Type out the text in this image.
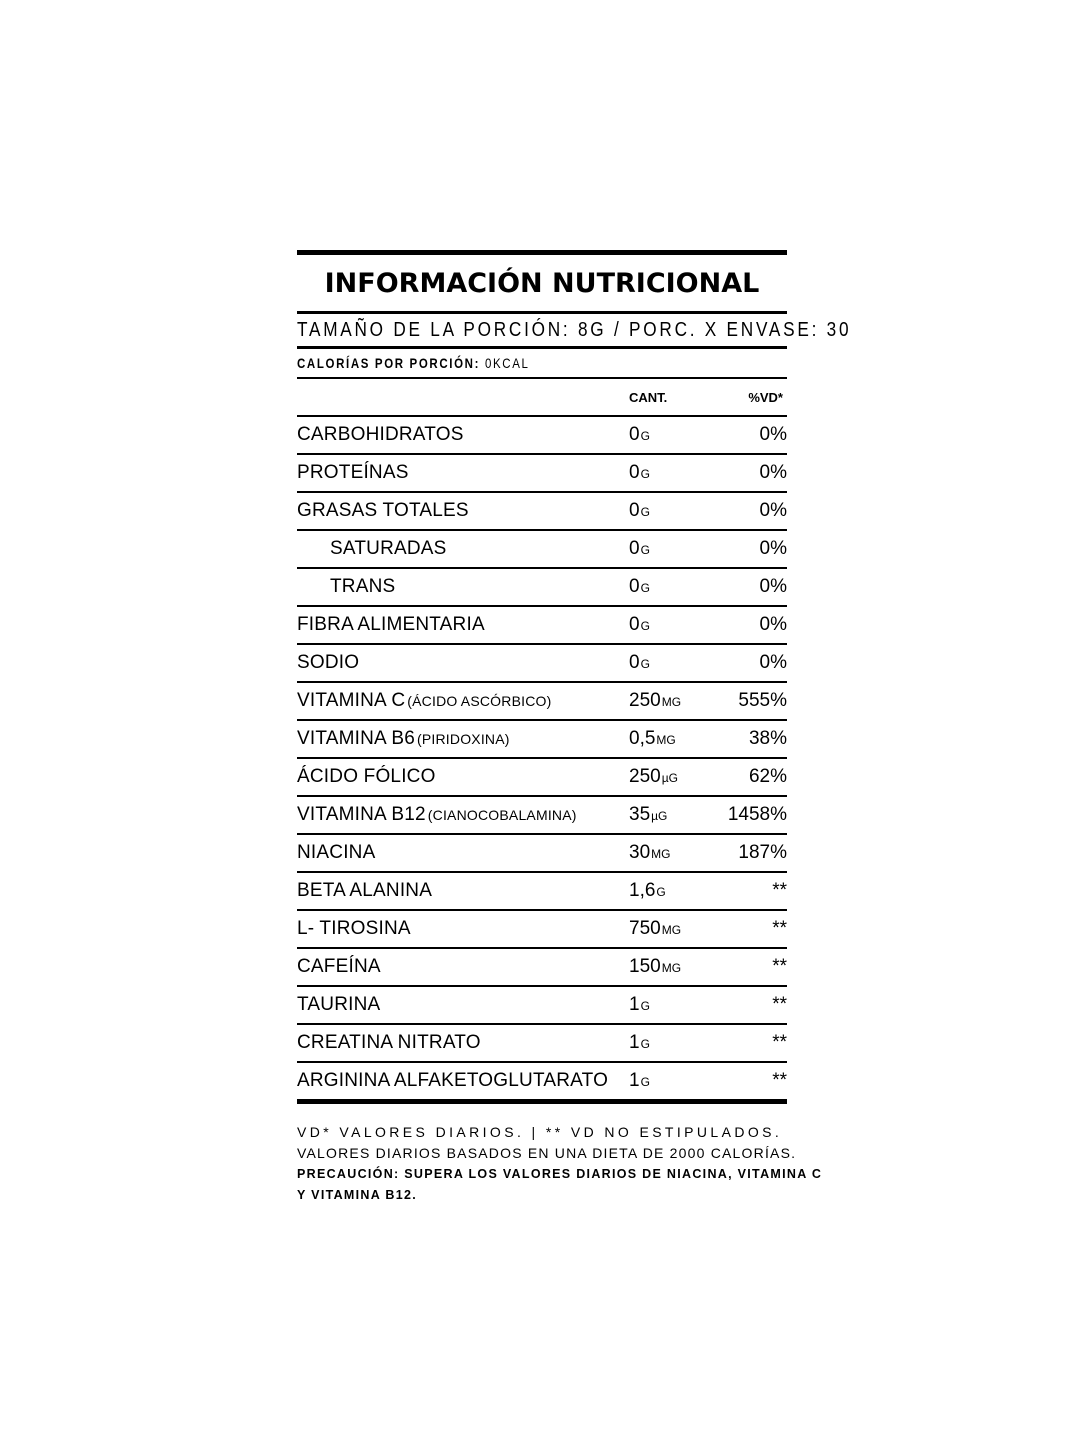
INFORMACIÓN NUTRICIONAL
TAMAÑO DE LA PORCIÓN: 8G / PORC. X ENVASE: 30
CALORÍAS POR PORCIÓN: 0KCAL
CANT.	%VD*
CARBOHIDRATOS	0G	0%
PROTEÍNAS	0G	0%
GRASAS TOTALES	0G	0%
SATURADAS	0G	0%
TRANS	0G	0%
FIBRA ALIMENTARIA	0G	0%
SODIO	0G	0%
VITAMINA C (ÁCIDO ASCÓRBICO)	250MG	555%
VITAMINA B6 (PIRIDOXINA)	0,5MG	38%
ÁCIDO FÓLICO	250µG	62%
VITAMINA B12 (CIANOCOBALAMINA)	35µG	1458%
NIACINA	30MG	187%
BETA ALANINA	1,6G	**
L- TIROSINA	750MG	**
CAFEÍNA	150MG	**
TAURINA	1G	**
CREATINA NITRATO	1G	**
ARGININA ALFAKETOGLUTARATO	1G	**
VD* VALORES DIARIOS. | ** VD NO ESTIPULADOS.
VALORES DIARIOS BASADOS EN UNA DIETA DE 2000 CALORÍAS.
PRECAUCIÓN: SUPERA LOS VALORES DIARIOS DE NIACINA, VITAMINA C
Y VITAMINA B12.
